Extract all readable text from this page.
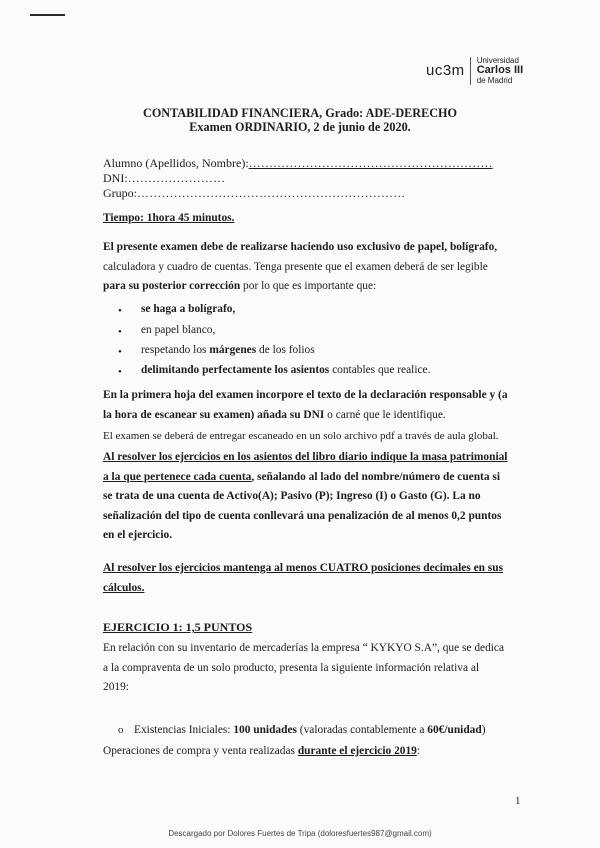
uc3m
Universidad
Carlos III
de Madrid
CONTABILIDAD FINANCIERA, Grado: ADE-DERECHO
Examen ORDINARIO, 2 de junio de 2020.
Alumno (Apellidos, Nombre):……………………………………………………
DNI:……………………
Grupo:…………………………………………………………
Tiempo: 1hora 45 minutos.
El presente examen debe de realizarse haciendo uso exclusivo de papel, bolígrafo,
calculadora y cuadro de cuentas. Tenga presente que el examen deberá de ser legible
para su posterior corrección por lo que es importante que:
• se haga a bolígrafo,
• en papel blanco,
• respetando los márgenes de los folios
• delimitando perfectamente los asientos contables que realice.
En la primera hoja del examen incorpore el texto de la declaración responsable y (a
la hora de escanear su examen) añada su DNI o carné que le identifique.
El examen se deberá de entregar escaneado en un solo archivo pdf a través de aula global.
Al resolver los ejercicios en los asientos del libro diario indique la masa patrimonial
a la que pertenece cada cuenta, señalando al lado del nombre/número de cuenta si
se trata de una cuenta de Activo(A); Pasivo (P); Ingreso (I) o Gasto (G). La no
señalización del tipo de cuenta conllevará una penalización de al menos 0,2 puntos
en el ejercicio.
Al resolver los ejercicios mantenga al menos CUATRO posiciones decimales en sus
cálculos.
EJERCICIO 1: 1,5 PUNTOS
En relación con su inventario de mercaderías la empresa “ KYKYO S.A”, que se dedica
a la compraventa de un solo producto, presenta la siguiente información relativa al
2019:
o Existencias Iniciales: 100 unidades (valoradas contablemente a 60€/unidad)
Operaciones de compra y venta realizadas durante el ejercicio 2019:
1
Descargado por Dolores Fuertes de Tripa (doloresfuertes987@gmail.com)
